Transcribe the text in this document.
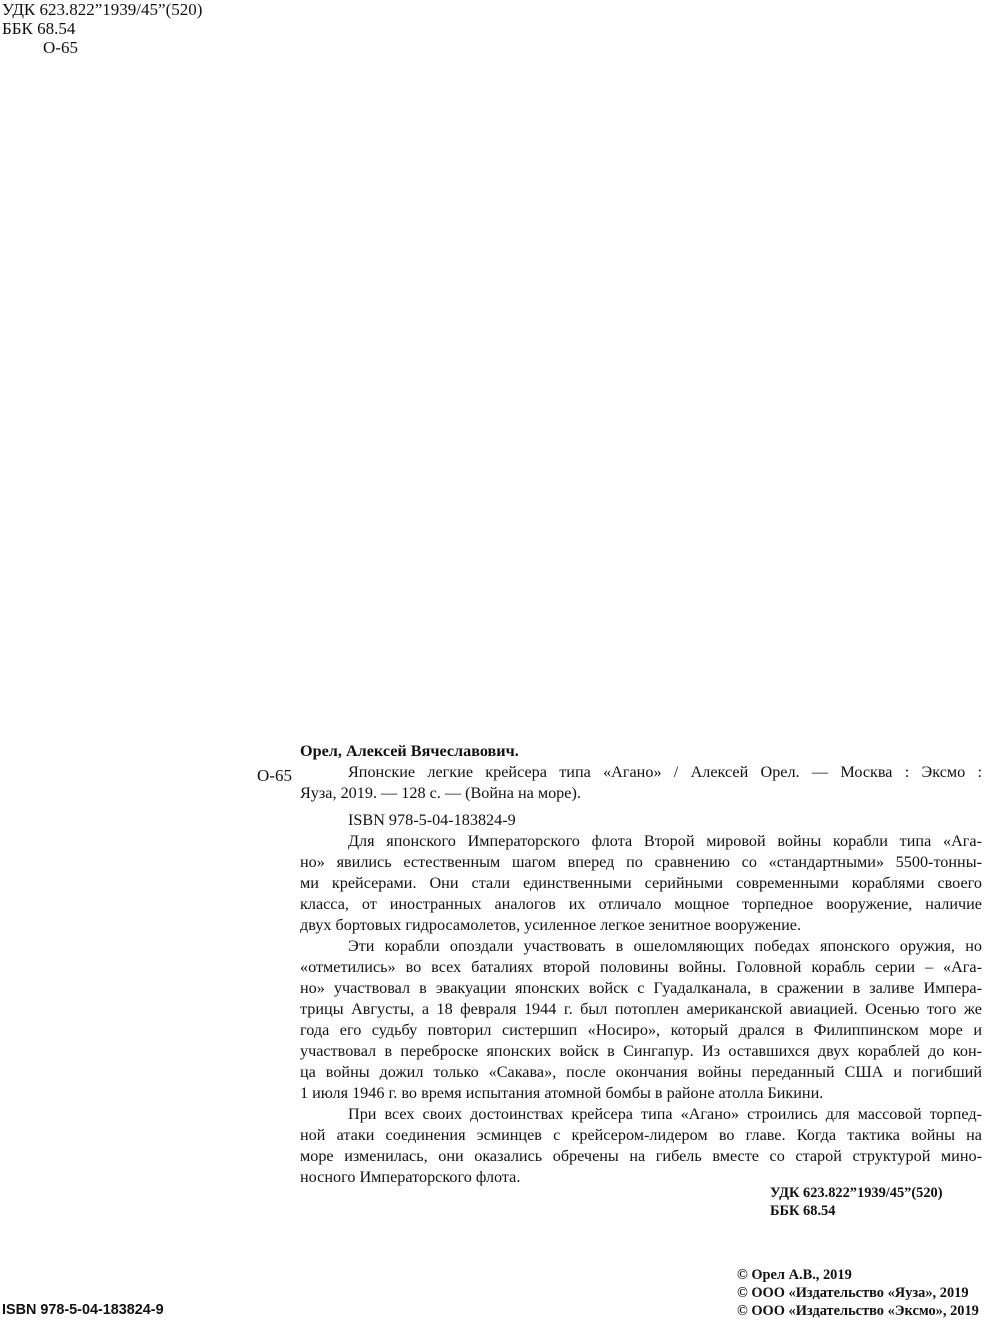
УДК 623.822”1939/45”(520)
ББК 68.54
О-65
О-65
Орел, Алексей Вячеславович.
Японские легкие крейсера типа «Агано» / Алексей Орел. — Москва : Эксмо :
Яуза, 2019. — 128 с. — (Война на море).
ISBN 978-5-04-183824-9
Для японского Императорского флота Второй мировой войны корабли типа «Ага-
но» явились естественным шагом вперед по сравнению со «стандартными» 5500-тонны-
ми крейсерами. Они стали единственными серийными современными кораблями своего
класса, от иностранных аналогов их отличало мощное торпедное вооружение, наличие
двух бортовых гидросамолетов, усиленное легкое зенитное вооружение.
Эти корабли опоздали участвовать в ошеломляющих победах японского оружия, но
«отметились» во всех баталиях второй половины войны. Головной корабль серии – «Ага-
но» участвовал в эвакуации японских войск с Гуадалканала, в сражении в заливе Импера-
трицы Августы, а 18 февраля 1944 г. был потоплен американской авиацией. Осенью того же
года его судьбу повторил систершип «Носиро», который дрался в Филиппинском море и
участвовал в переброске японских войск в Сингапур. Из оставшихся двух кораблей до кон-
ца войны дожил только «Сакава», после окончания войны переданный США и погибший
1 июля 1946 г. во время испытания атомной бомбы в районе атолла Бикини.
При всех своих достоинствах крейсера типа «Агано» строились для массовой торпед-
ной атаки соединения эсминцев с крейсером-лидером во главе. Когда тактика войны на
море изменилась, они оказались обречены на гибель вместе со старой структурой мино-
носного Императорского флота.
УДК 623.822”1939/45”(520)
ББК 68.54
© Орел А.В., 2019
© ООО «Издательство «Яуза», 2019
© ООО «Издательство «Эксмо», 2019
ISBN 978-5-04-183824-9
